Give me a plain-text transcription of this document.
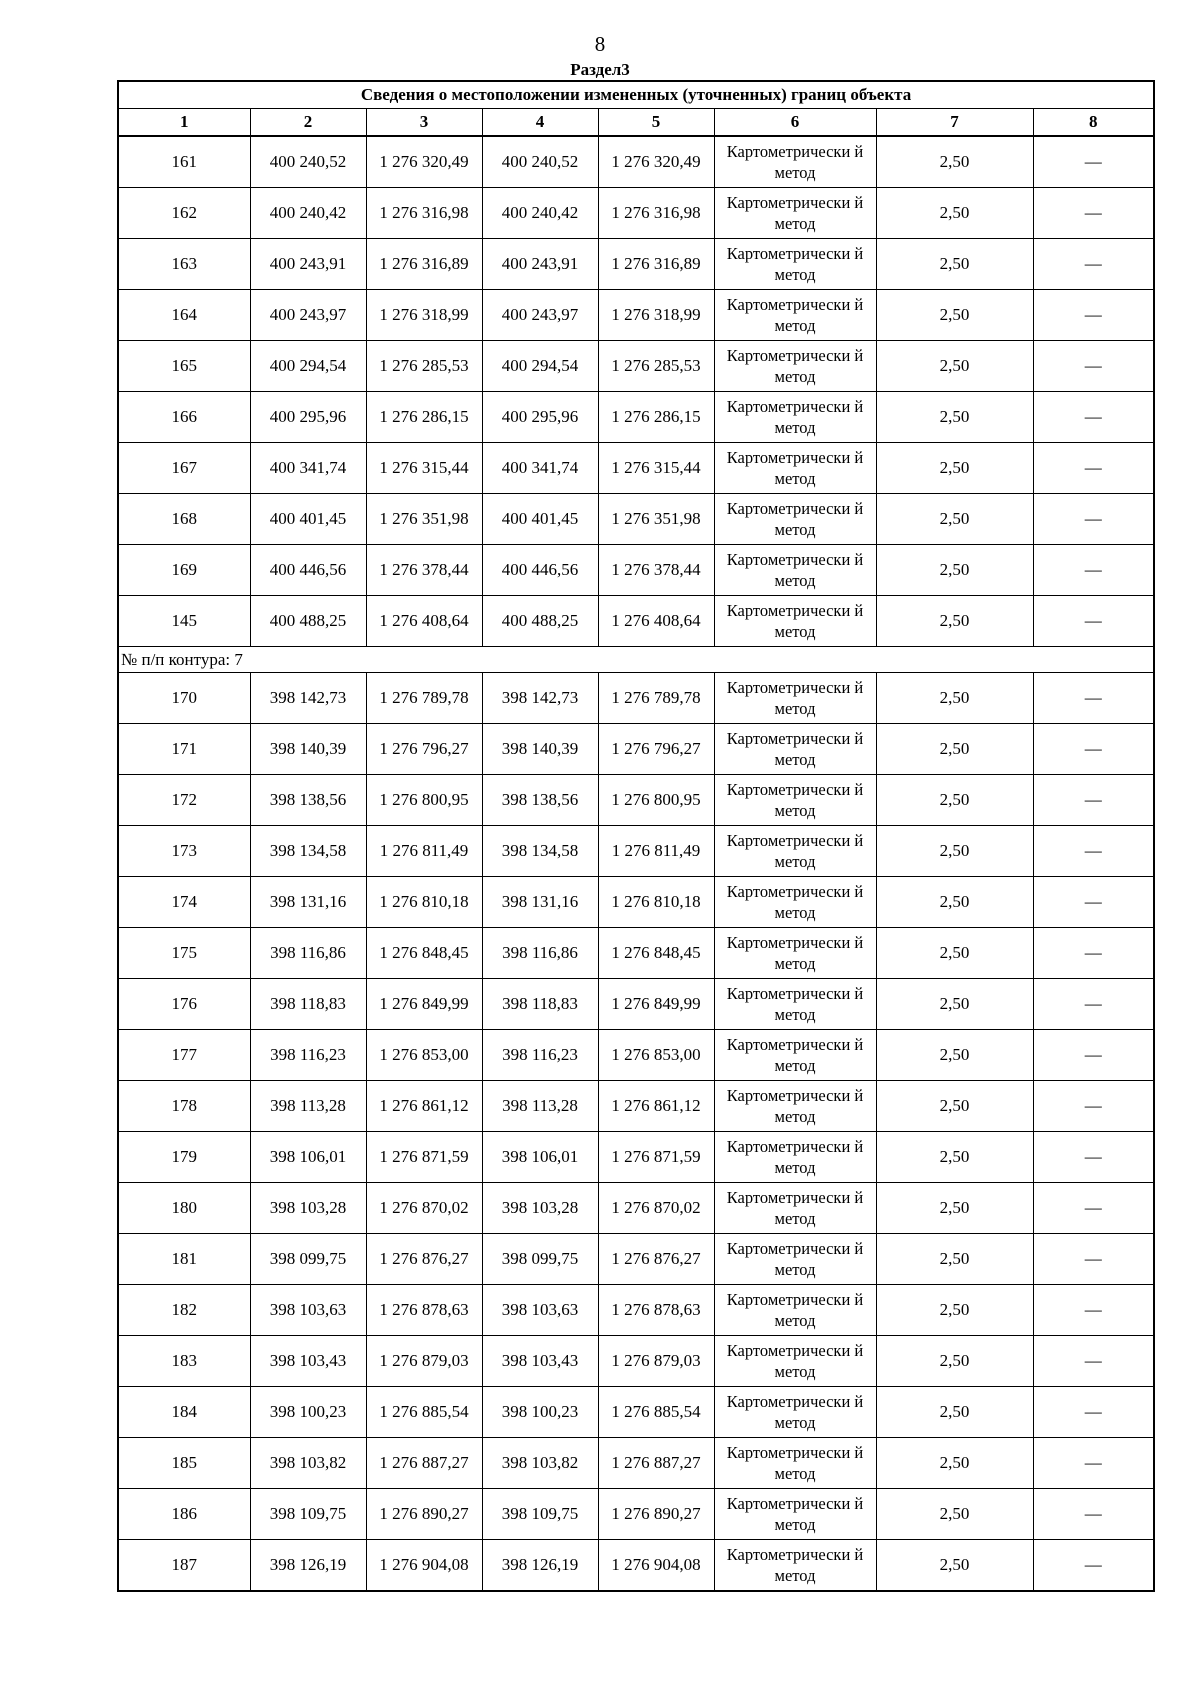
8
Раздел3
Сведения о местоположении измененных (уточненных) границ объекта							
1	2	3	4	5	6	7	8
161	400 240,52	1 276 320,49	400 240,52	1 276 320,49	Картометрически й метод	2,50	—
162	400 240,42	1 276 316,98	400 240,42	1 276 316,98	Картометрически й метод	2,50	—
163	400 243,91	1 276 316,89	400 243,91	1 276 316,89	Картометрически й метод	2,50	—
164	400 243,97	1 276 318,99	400 243,97	1 276 318,99	Картометрически й метод	2,50	—
165	400 294,54	1 276 285,53	400 294,54	1 276 285,53	Картометрически й метод	2,50	—
166	400 295,96	1 276 286,15	400 295,96	1 276 286,15	Картометрически й метод	2,50	—
167	400 341,74	1 276 315,44	400 341,74	1 276 315,44	Картометрически й метод	2,50	—
168	400 401,45	1 276 351,98	400 401,45	1 276 351,98	Картометрически й метод	2,50	—
169	400 446,56	1 276 378,44	400 446,56	1 276 378,44	Картометрически й метод	2,50	—
145	400 488,25	1 276 408,64	400 488,25	1 276 408,64	Картометрически й метод	2,50	—
№ п/п контура: 7							
170	398 142,73	1 276 789,78	398 142,73	1 276 789,78	Картометрически й метод	2,50	—
171	398 140,39	1 276 796,27	398 140,39	1 276 796,27	Картометрически й метод	2,50	—
172	398 138,56	1 276 800,95	398 138,56	1 276 800,95	Картометрически й метод	2,50	—
173	398 134,58	1 276 811,49	398 134,58	1 276 811,49	Картометрически й метод	2,50	—
174	398 131,16	1 276 810,18	398 131,16	1 276 810,18	Картометрически й метод	2,50	—
175	398 116,86	1 276 848,45	398 116,86	1 276 848,45	Картометрически й метод	2,50	—
176	398 118,83	1 276 849,99	398 118,83	1 276 849,99	Картометрически й метод	2,50	—
177	398 116,23	1 276 853,00	398 116,23	1 276 853,00	Картометрически й метод	2,50	—
178	398 113,28	1 276 861,12	398 113,28	1 276 861,12	Картометрически й метод	2,50	—
179	398 106,01	1 276 871,59	398 106,01	1 276 871,59	Картометрически й метод	2,50	—
180	398 103,28	1 276 870,02	398 103,28	1 276 870,02	Картометрически й метод	2,50	—
181	398 099,75	1 276 876,27	398 099,75	1 276 876,27	Картометрически й метод	2,50	—
182	398 103,63	1 276 878,63	398 103,63	1 276 878,63	Картометрически й метод	2,50	—
183	398 103,43	1 276 879,03	398 103,43	1 276 879,03	Картометрически й метод	2,50	—
184	398 100,23	1 276 885,54	398 100,23	1 276 885,54	Картометрически й метод	2,50	—
185	398 103,82	1 276 887,27	398 103,82	1 276 887,27	Картометрически й метод	2,50	—
186	398 109,75	1 276 890,27	398 109,75	1 276 890,27	Картометрически й метод	2,50	—
187	398 126,19	1 276 904,08	398 126,19	1 276 904,08	Картометрически й метод	2,50	—
